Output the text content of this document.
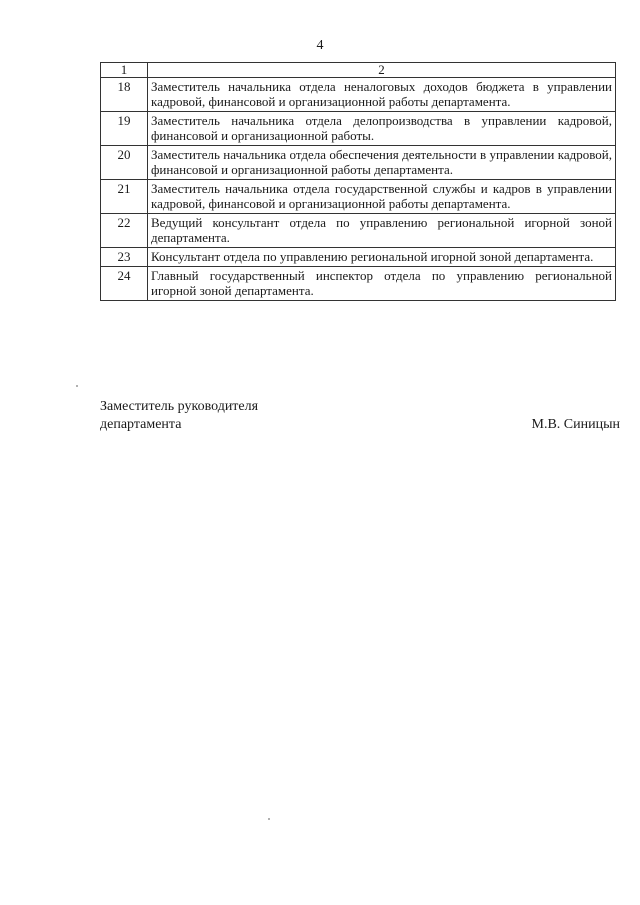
4
1	2
18	Заместитель начальника отдела неналоговых доходов бюджета в управлении кадровой, финансовой и организационной работы департамента.
19	Заместитель начальника отдела делопроизводства в управлении кадровой, финансовой и организационной работы.
20	Заместитель начальника отдела обеспечения деятельности в управлении кадровой, финансовой и организационной работы департамента.
21	Заместитель начальника отдела государственной службы и кадров в управлении кадровой, финансовой и организационной работы департамента.
22	Ведущий консультант отдела по управлению региональной игорной зоной департамента.
23	Консультант отдела по управлению региональной игорной зоной департамента.
24	Главный государственный инспектор отдела по управлению региональной игорной зоной департамента.
Заместитель руководителя
департамента	М.В. Синицын
